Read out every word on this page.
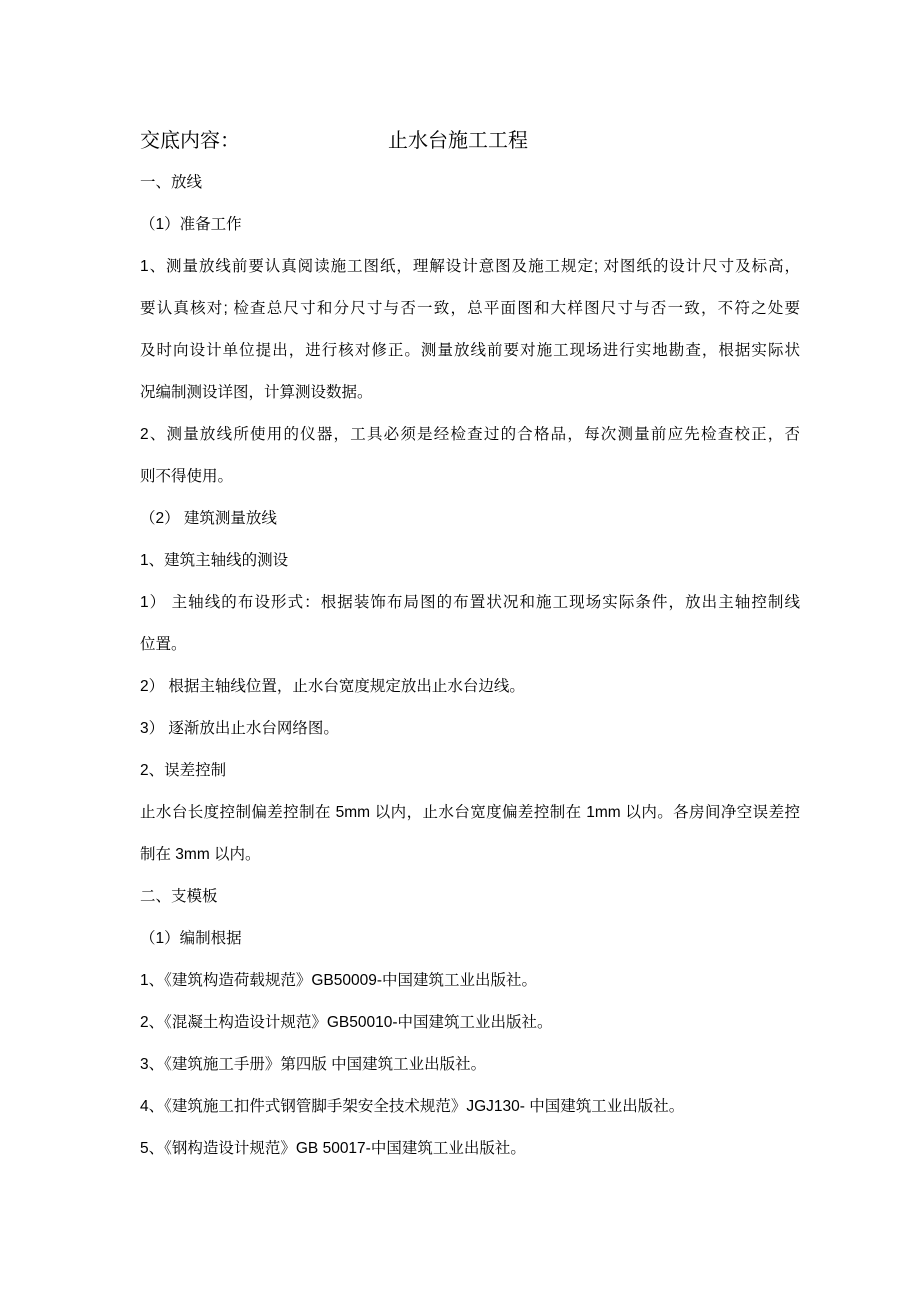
交底内容：	止水台施工工程
一、放线
（1）准备工作
1、测量放线前要认真阅读施工图纸，理解设计意图及施工规定; 对图纸的设计尺寸及标高，
要认真核对; 检查总尺寸和分尺寸与否一致，总平面图和大样图尺寸与否一致，不符之处要
及时向设计单位提出，进行核对修正。测量放线前要对施工现场进行实地勘查，根据实际状
况编制测设详图，计算测设数据。
2、测量放线所使用的仪器，工具必须是经检查过的合格品，每次测量前应先检查校正，否
则不得使用。
（2） 建筑测量放线
1、建筑主轴线的测设
1） 主轴线的布设形式：根据装饰布局图的布置状况和施工现场实际条件，放出主轴控制线
位置。
2） 根据主轴线位置，止水台宽度规定放出止水台边线。
3） 逐渐放出止水台网络图。
2、误差控制
止水台长度控制偏差控制在 5mm 以内，止水台宽度偏差控制在 1mm 以内。各房间净空误差控
制在 3mm 以内。
二、支模板
（1）编制根据
1、《建筑构造荷载规范》GB50009-中国建筑工业出版社。
2、《混凝土构造设计规范》GB50010-中国建筑工业出版社。
3、《建筑施工手册》第四版 中国建筑工业出版社。
4、《建筑施工扣件式钢管脚手架安全技术规范》JGJ130- 中国建筑工业出版社。
5、《钢构造设计规范》GB 50017-中国建筑工业出版社。
